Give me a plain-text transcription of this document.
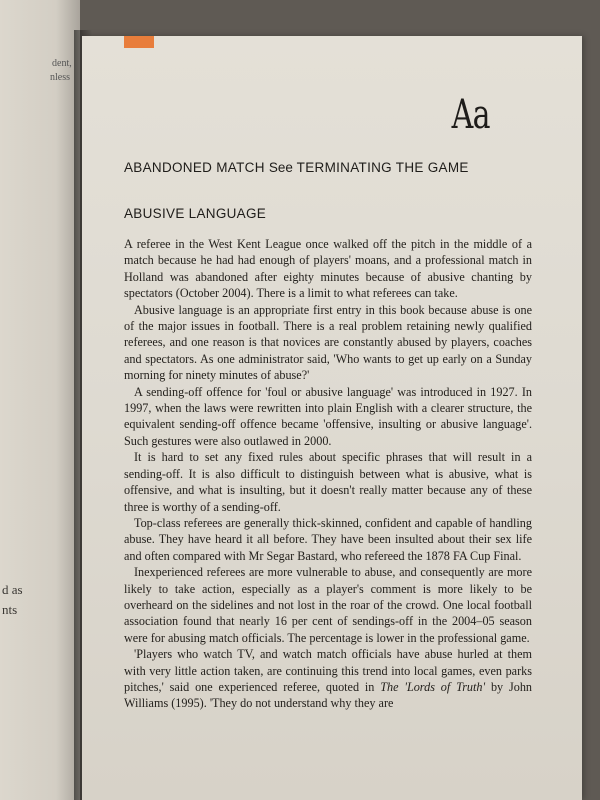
dent,
nless
d as
nts
Aa
ABANDONED MATCH See TERMINATING THE GAME
ABUSIVE LANGUAGE

A referee in the West Kent League once walked off the pitch in the middle of a match because he had had enough of players' moans, and a professional match in Holland was abandoned after eighty minutes because of abusive chanting by spectators (October 2004). There is a limit to what referees can take.

Abusive language is an appropriate first entry in this book because abuse is one of the major issues in football. There is a real problem retaining newly qualified referees, and one reason is that novices are constantly abused by players, coaches and spectators. As one administrator said, 'Who wants to get up early on a Sunday morning for ninety minutes of abuse?'

A sending-off offence for 'foul or abusive language' was introduced in 1927. In 1997, when the laws were rewritten into plain English with a clearer structure, the equivalent sending-off offence became 'offensive, insulting or abusive language'. Such gestures were also outlawed in 2000.

It is hard to set any fixed rules about specific phrases that will result in a sending-off. It is also difficult to distinguish between what is abusive, what is offensive, and what is insulting, but it doesn't really matter because any of these three is worthy of a sending-off.

Top-class referees are generally thick-skinned, confident and capable of handling abuse. They have heard it all before. They have been insulted about their sex life and often compared with Mr Segar Bastard, who refereed the 1878 FA Cup Final.

Inexperienced referees are more vulnerable to abuse, and consequently are more likely to take action, especially as a player's comment is more likely to be overheard on the sidelines and not lost in the roar of the crowd. One local football association found that nearly 16 per cent of sendings-off in the 2004–05 season were for abusing match officials. The percentage is lower in the professional game.

'Players who watch TV, and watch match officials have abuse hurled at them with very little action taken, are continuing this trend into local games, even parks pitches,' said one experienced referee, quoted in The 'Lords of Truth' by John Williams (1995). 'They do not understand why they are
